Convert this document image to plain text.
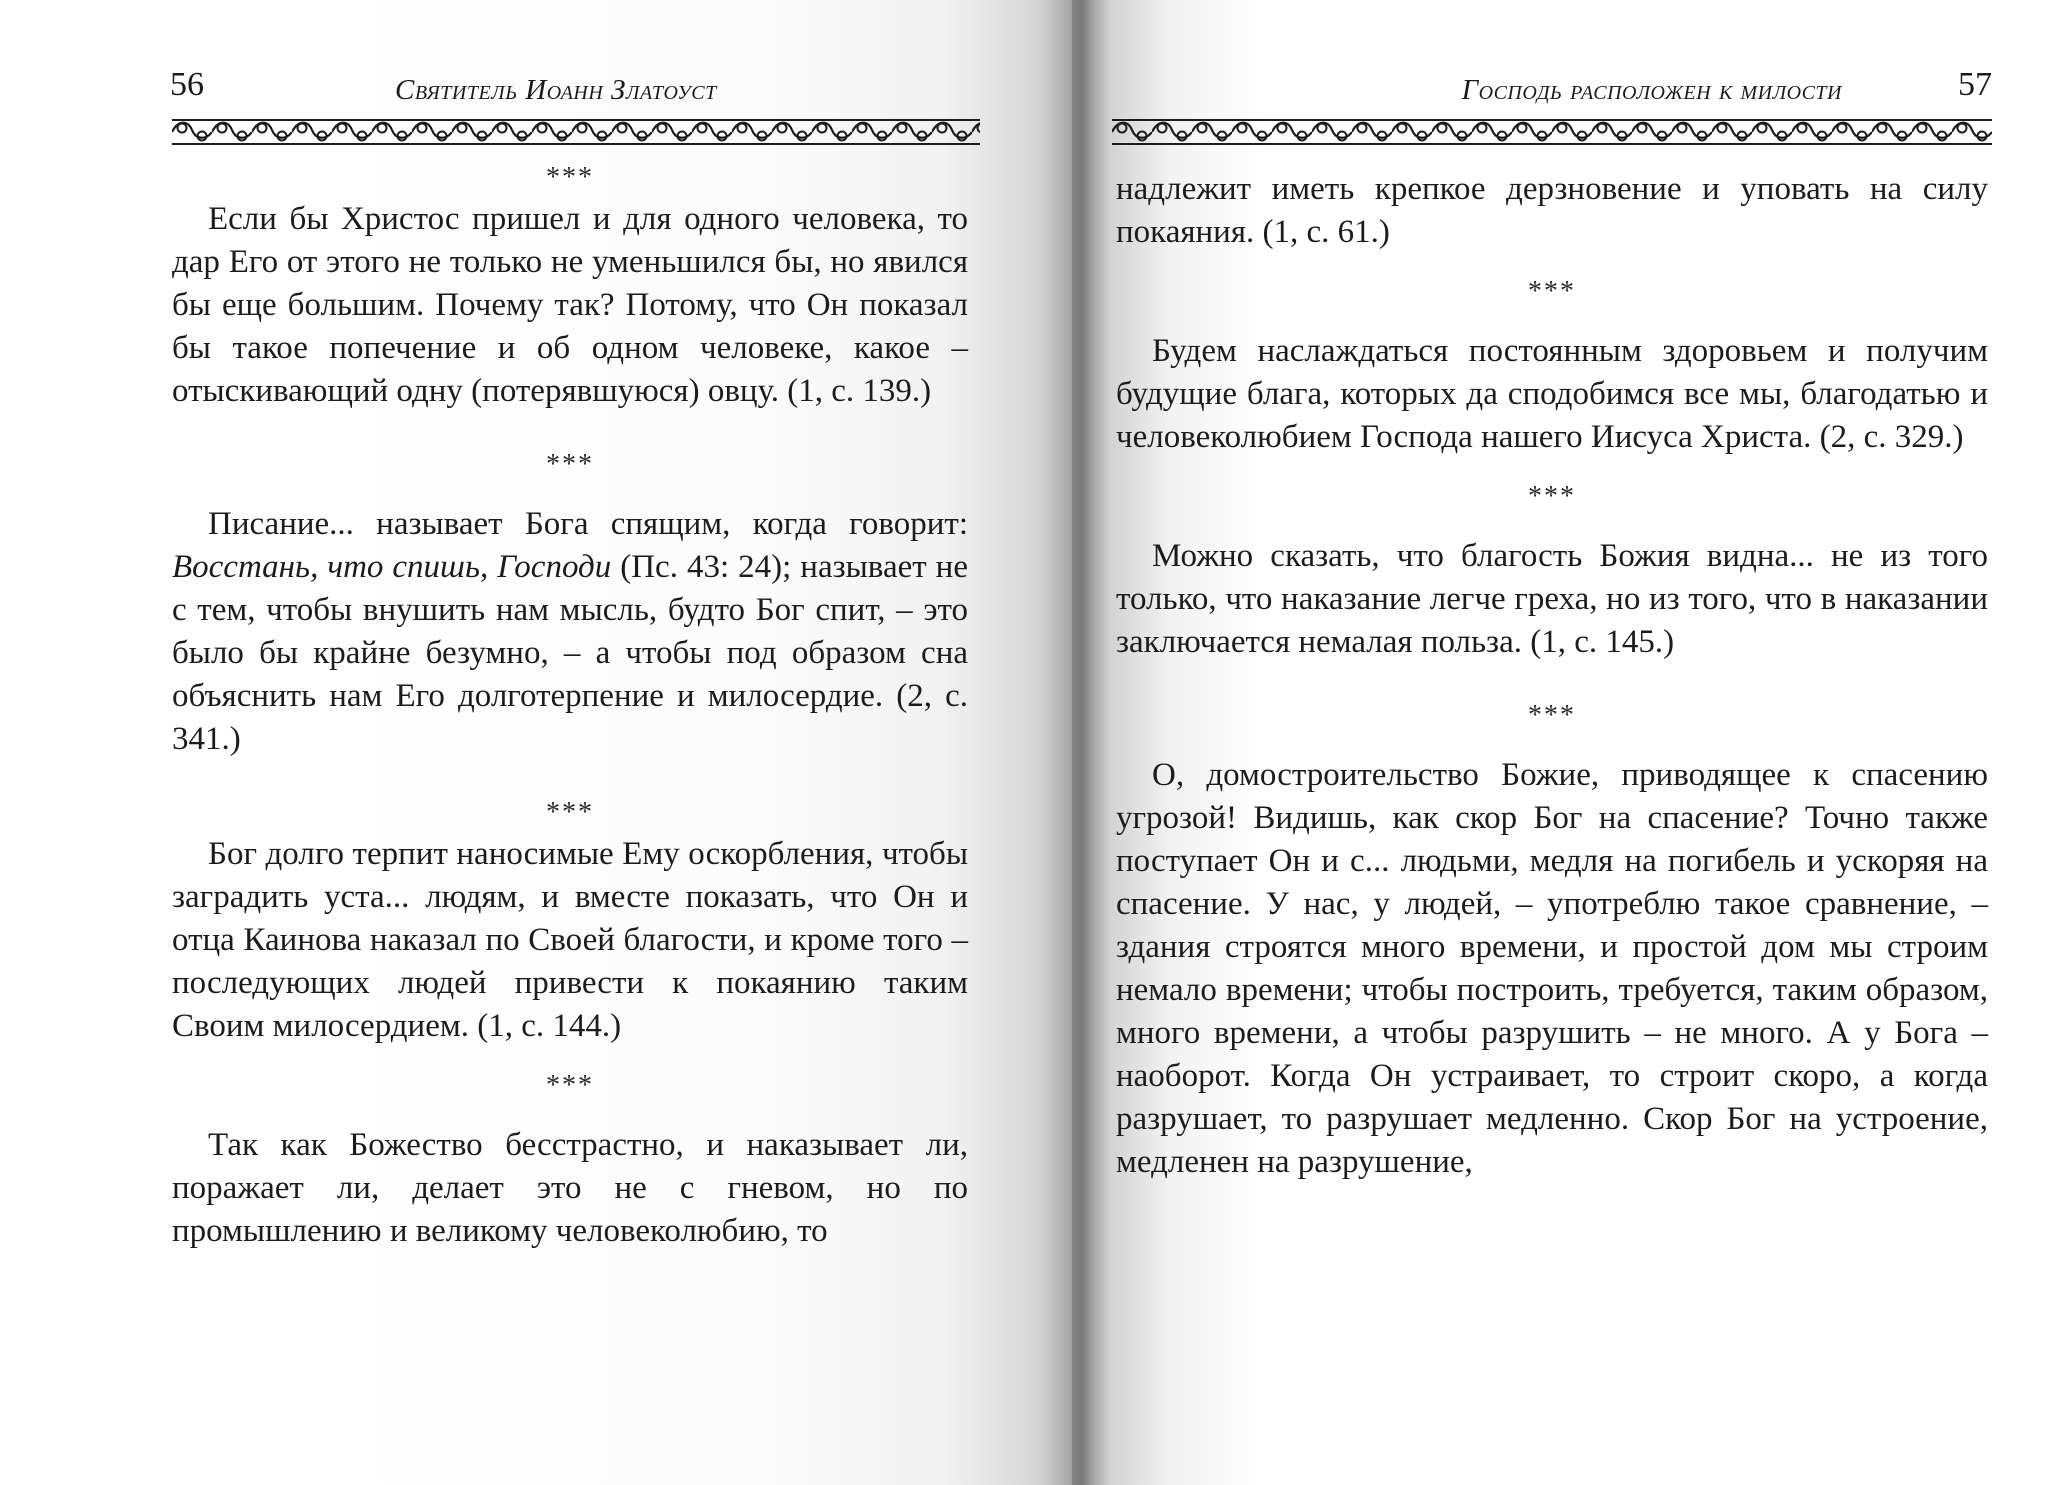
56	Святитель Иоанн Златоуст
***

Если бы Христос пришел и для одного человека, то дар Его от этого не только не уменьшился бы, но явился бы еще большим. Почему так? Потому, что Он показал бы такое попечение и об одном человеке, какое – отыскивающий одну (потерявшуюся) овцу. (1, с. 139.)

***

Писание... называет Бога спящим, когда говорит: Восстань, что спишь, Господи (Пс. 43: 24); называет не с тем, чтобы внушить нам мысль, будто Бог спит, – это было бы крайне безумно, – а чтобы под образом сна объяснить нам Его долготерпение и милосердие. (2, с. 341.)

***

Бог долго терпит наносимые Ему оскорбления, чтобы заградить уста... людям, и вместе показать, что Он и отца Каинова наказал по Своей благости, и кроме того – последующих людей привести к покаянию таким Своим милосердием. (1, с. 144.)

***

Так как Божество бесстрастно, и наказывает ли, поражает ли, делает это не с гневом, но по промышлению и великому человеколюбию, то

Господь расположен к милости	57

надлежит иметь крепкое дерзновение и уповать на силу покаяния. (1, с. 61.)

***

Будем наслаждаться постоянным здоровьем и получим будущие блага, которых да сподобимся все мы, благодатью и человеколюбием Господа нашего Иисуса Христа. (2, с. 329.)

***

Можно сказать, что благость Божия видна... не из того только, что наказание легче греха, но из того, что в наказании заключается немалая польза. (1, с. 145.)

***

О, домостроительство Божие, приводящее к спасению угрозой! Видишь, как скор Бог на спасение? Точно также поступает Он и с... людьми, медля на погибель и ускоряя на спасение. У нас, у людей, – употреблю такое сравнение, – здания строятся много времени, и простой дом мы строим немало времени; чтобы построить, требуется, таким образом, много времени, а чтобы разрушить – не много. А у Бога – наоборот. Когда Он устраивает, то строит скоро, а когда разрушает, то разрушает медленно. Скор Бог на устроение, медленен на разрушение,
